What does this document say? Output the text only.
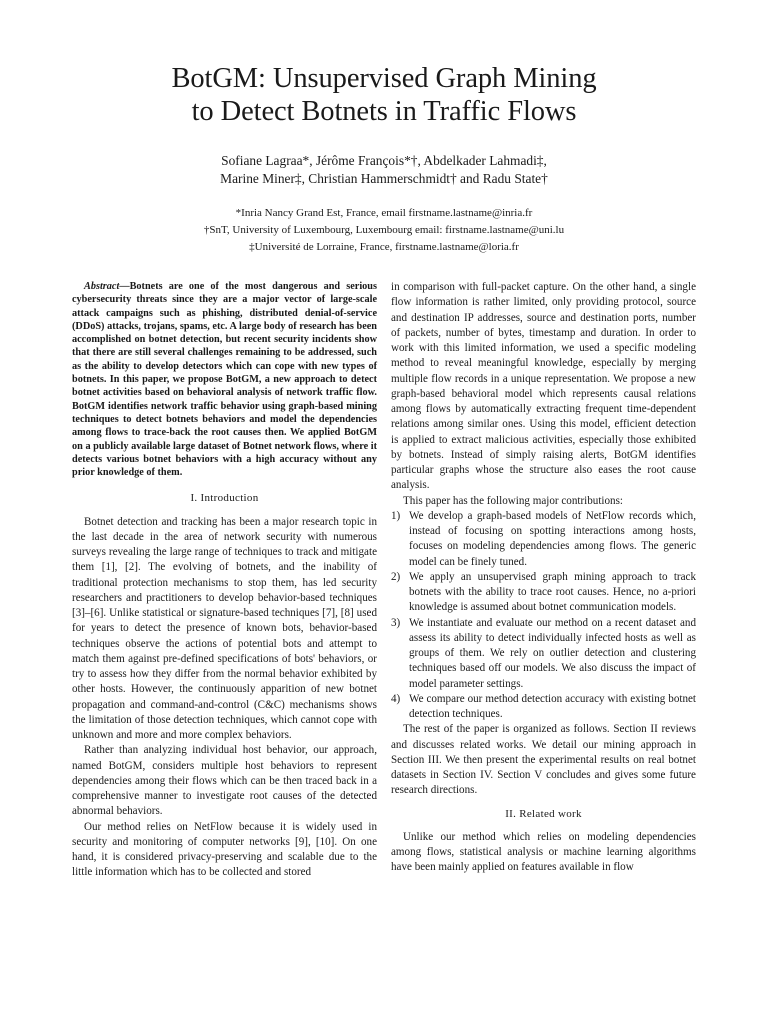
BotGM: Unsupervised Graph Mining
to Detect Botnets in Traffic Flows
Sofiane Lagraa*, Jérôme François*†, Abdelkader Lahmadi‡,
Marine Miner‡, Christian Hammerschmidt† and Radu State†
*Inria Nancy Grand Est, France, email firstname.lastname@inria.fr
†SnT, University of Luxembourg, Luxembourg email: firstname.lastname@uni.lu
‡Université de Lorraine, France, firstname.lastname@loria.fr

Abstract—Botnets are one of the most dangerous and serious cybersecurity threats since they are a major vector of large-scale attack campaigns such as phishing, distributed denial-of-service (DDoS) attacks, trojans, spams, etc. A large body of research has been accomplished on botnet detection, but recent security incidents show that there are still several challenges remaining to be addressed, such as the ability to develop detectors which can cope with new types of botnets. In this paper, we propose BotGM, a new approach to detect botnet activities based on behavioral analysis of network traffic flow. BotGM identifies network traffic behavior using graph-based mining techniques to detect botnets behaviors and model the dependencies among flows to trace-back the root causes then. We applied BotGM on a publicly available large dataset of Botnet network flows, where it detects various botnet behaviors with a high accuracy without any prior knowledge of them.

I. Introduction

Botnet detection and tracking has been a major research topic in the last decade in the area of network security with numerous surveys revealing the large range of techniques to track and mitigate them [1], [2]. The evolving of botnets, and the inability of traditional protection mechanisms to stop them, has led security researchers and practitioners to develop behavior-based techniques [3]–[6]. Unlike statistical or signature-based techniques [7], [8] used for years to detect the presence of known bots, behavior-based techniques observe the actions of potential bots and attempt to match them against pre-defined specifications of bots' behaviors, or try to assess how they differ from the normal behavior exhibited by other hosts. However, the continuously apparition of new botnet propagation and command-and-control (C&C) mechanisms shows the limitation of those detection techniques, which cannot cope with unknown and more and more complex behaviors.

Rather than analyzing individual host behavior, our approach, named BotGM, considers multiple host behaviors to represent dependencies among their flows which can be then traced back in a comprehensive manner to investigate root causes of the detected abnormal behaviors.

Our method relies on NetFlow because it is widely used in security and monitoring of computer networks [9], [10]. On one hand, it is considered privacy-preserving and scalable due to the little information which has to be collected and stored

in comparison with full-packet capture. On the other hand, a single flow information is rather limited, only providing protocol, source and destination IP addresses, source and destination ports, number of packets, number of bytes, timestamp and duration. In order to work with this limited information, we used a specific modeling method to reveal meaningful knowledge, especially by merging multiple flow records in a unique representation. We propose a new graph-based behavioral model which represents causal relations among flows by automatically extracting frequent time-dependent relations among similar ones. Using this model, efficient detection is applied to extract malicious activities, especially those exhibited by botnets. Instead of simply raising alerts, BotGM identifies particular graphs whose the structure also eases the root cause analysis.

This paper has the following major contributions:

1) We develop a graph-based models of NetFlow records which, instead of focusing on spotting interactions among hosts, focuses on modeling dependencies among flows. The generic model can be finely tuned.
2) We apply an unsupervised graph mining approach to track botnets with the ability to trace root causes. Hence, no a-priori knowledge is assumed about botnet communication models.
3) We instantiate and evaluate our method on a recent dataset and assess its ability to detect individually infected hosts as well as groups of them. We rely on outlier detection and clustering techniques based off our models. We also discuss the impact of model parameter settings.
4) We compare our method detection accuracy with existing botnet detection techniques.

The rest of the paper is organized as follows. Section II reviews and discusses related works. We detail our mining approach in Section III. We then present the experimental results on real botnet datasets in Section IV. Section V concludes and gives some future research directions.

II. Related work

Unlike our method which relies on modeling dependencies among flows, statistical analysis or machine learning algorithms have been mainly applied on features available in flow
